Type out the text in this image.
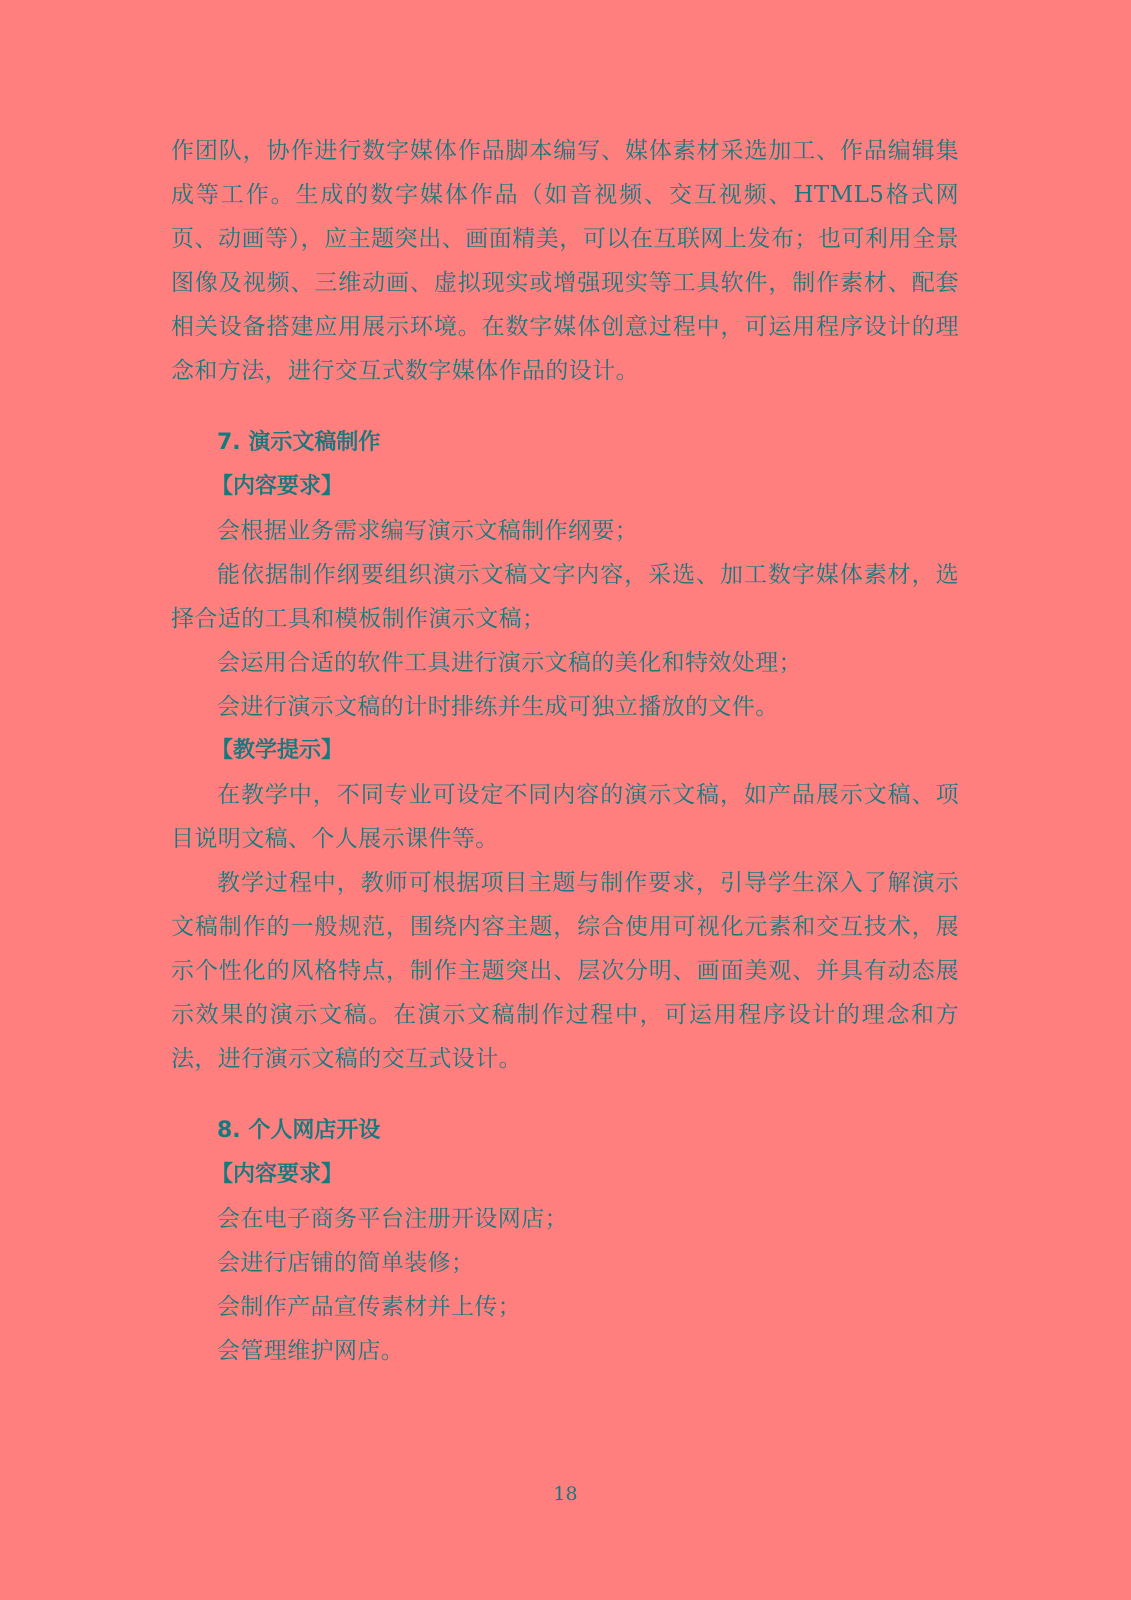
作团队，协作进行数字媒体作品脚本编写、媒体素材采选加工、作品编辑集成等工作。生成的数字媒体作品（如音视频、交互视频、HTML5格式网页、动画等），应主题突出、画面精美，可以在互联网上发布；也可利用全景图像及视频、三维动画、虚拟现实或增强现实等工具软件，制作素材、配套相关设备搭建应用展示环境。在数字媒体创意过程中，可运用程序设计的理念和方法，进行交互式数字媒体作品的设计。

7. 演示文稿制作
【内容要求】

会根据业务需求编写演示文稿制作纲要；

能依据制作纲要组织演示文稿文字内容，采选、加工数字媒体素材，选择合适的工具和模板制作演示文稿；

会运用合适的软件工具进行演示文稿的美化和特效处理；

会进行演示文稿的计时排练并生成可独立播放的文件。

【教学提示】

在教学中，不同专业可设定不同内容的演示文稿，如产品展示文稿、项目说明文稿、个人展示课件等。

教学过程中，教师可根据项目主题与制作要求，引导学生深入了解演示文稿制作的一般规范，围绕内容主题，综合使用可视化元素和交互技术，展示个性化的风格特点，制作主题突出、层次分明、画面美观、并具有动态展示效果的演示文稿。在演示文稿制作过程中，可运用程序设计的理念和方法，进行演示文稿的交互式设计。

8. 个人网店开设
【内容要求】

会在电子商务平台注册开设网店；

会进行店铺的简单装修；

会制作产品宣传素材并上传；

会管理维护网店。

18
